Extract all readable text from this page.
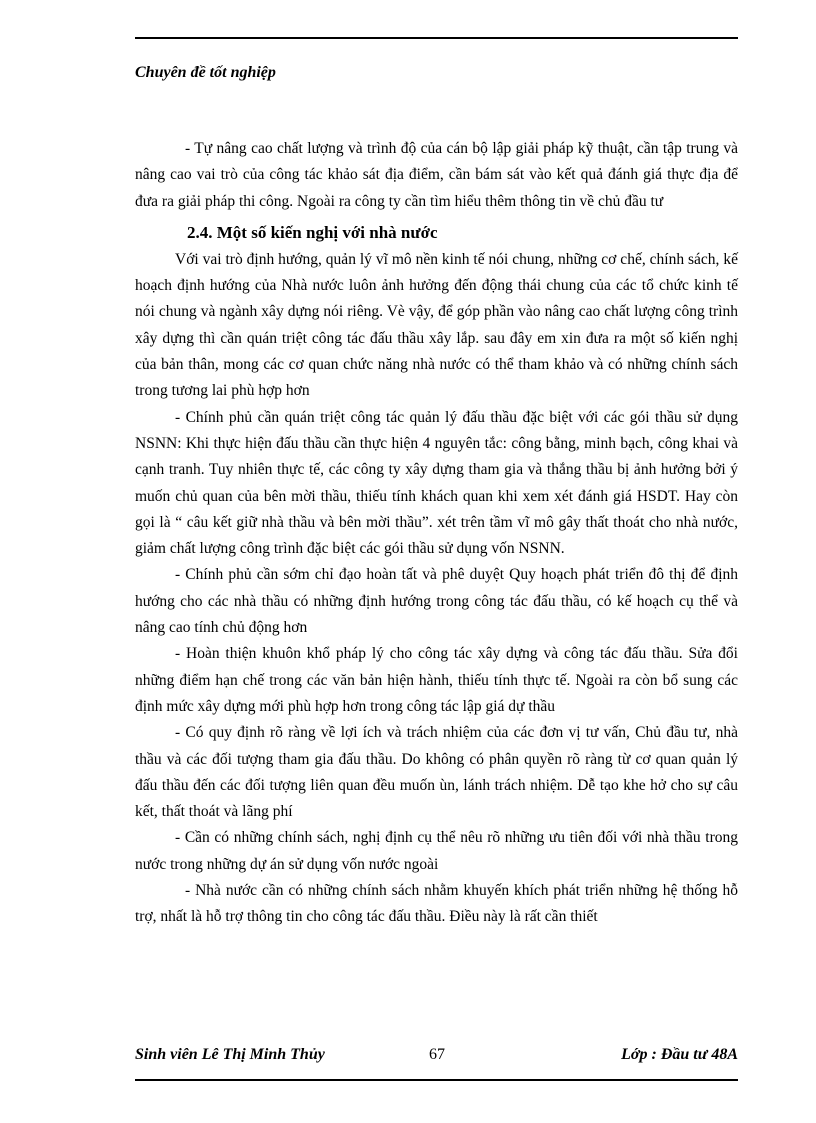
Chuyên đề tốt nghiệp

- Tự nâng cao chất lượng và trình độ của cán bộ lập giải pháp kỹ thuật, cần tập trung và nâng cao vai trò của công tác khảo sát địa điểm, cần bám sát vào kết quả đánh giá thực địa để đưa ra giải pháp thi công. Ngoài ra công ty cần tìm hiểu thêm thông tin về chủ đầu tư

2.4. Một số kiến nghị với nhà nước

Với vai trò định hướng, quản lý vĩ mô nền kinh tế nói chung, những cơ chế, chính sách, kế hoạch định hướng của Nhà nước luôn ảnh hưởng đến động thái chung của các tổ chức kinh tế nói chung và ngành xây dựng nói riêng. Vè vậy, để góp phần vào nâng cao chất lượng công trình xây dựng thì cần quán triệt công tác đấu thầu xây lắp. sau đây em xin đưa ra một số kiến nghị của bản thân, mong các cơ quan chức năng nhà nước có thể tham khảo và có những chính sách trong tương lai phù hợp hơn

- Chính phủ cần quán triệt công tác quản lý đấu thầu đặc biệt với các gói thầu sử dụng NSNN: Khi thực hiện đấu thầu cần thực hiện 4 nguyên tắc: công bằng, minh bạch, công khai và cạnh tranh. Tuy nhiên thực tế, các công ty xây dựng tham gia và thắng thầu bị ảnh hưởng bởi ý muốn chủ quan của bên mời thầu, thiếu tính khách quan khi xem xét đánh giá HSDT. Hay còn gọi là “ câu kết giữ nhà thầu và bên mời thầu”. xét trên tầm vĩ mô gây thất thoát cho nhà nước, giảm chất lượng công trình đặc biệt các gói thầu sử dụng vốn NSNN.

- Chính phủ cần sớm chỉ đạo hoàn tất và phê duyệt Quy hoạch phát triển đô thị để định hướng cho các nhà thầu có những định hướng trong công tác đấu thầu, có kế hoạch cụ thể và nâng cao tính chủ động hơn

- Hoàn thiện khuôn khổ pháp lý cho công tác xây dựng và công tác đấu thầu. Sửa đổi những điểm hạn chế trong các văn bản hiện hành, thiếu tính thực tế. Ngoài ra còn bổ sung các định mức xây dựng mới phù hợp hơn trong công tác lập giá dự thầu

- Có quy định rõ ràng về lợi ích và trách nhiệm của các đơn vị tư vấn, Chủ đầu tư, nhà thầu và các đối tượng tham gia đấu thầu. Do không có phân quyền rõ ràng từ cơ quan quản lý đấu thầu đến các đối tượng liên quan đều muốn ùn, lánh trách nhiệm. Dễ tạo khe hở cho sự câu kết, thất thoát và lãng phí

- Cần có những chính sách, nghị định cụ thể nêu rõ những ưu tiên đối với nhà thầu trong nước trong những dự án sử dụng vốn nước ngoài

- Nhà nước cần có những chính sách nhằm khuyến khích phát triển những hệ thống hỗ trợ, nhất là hỗ trợ thông tin cho công tác đấu thầu. Điều này là rất cần thiết

Sinh viên Lê Thị Minh Thủy	67	Lớp : Đầu tư 48A
